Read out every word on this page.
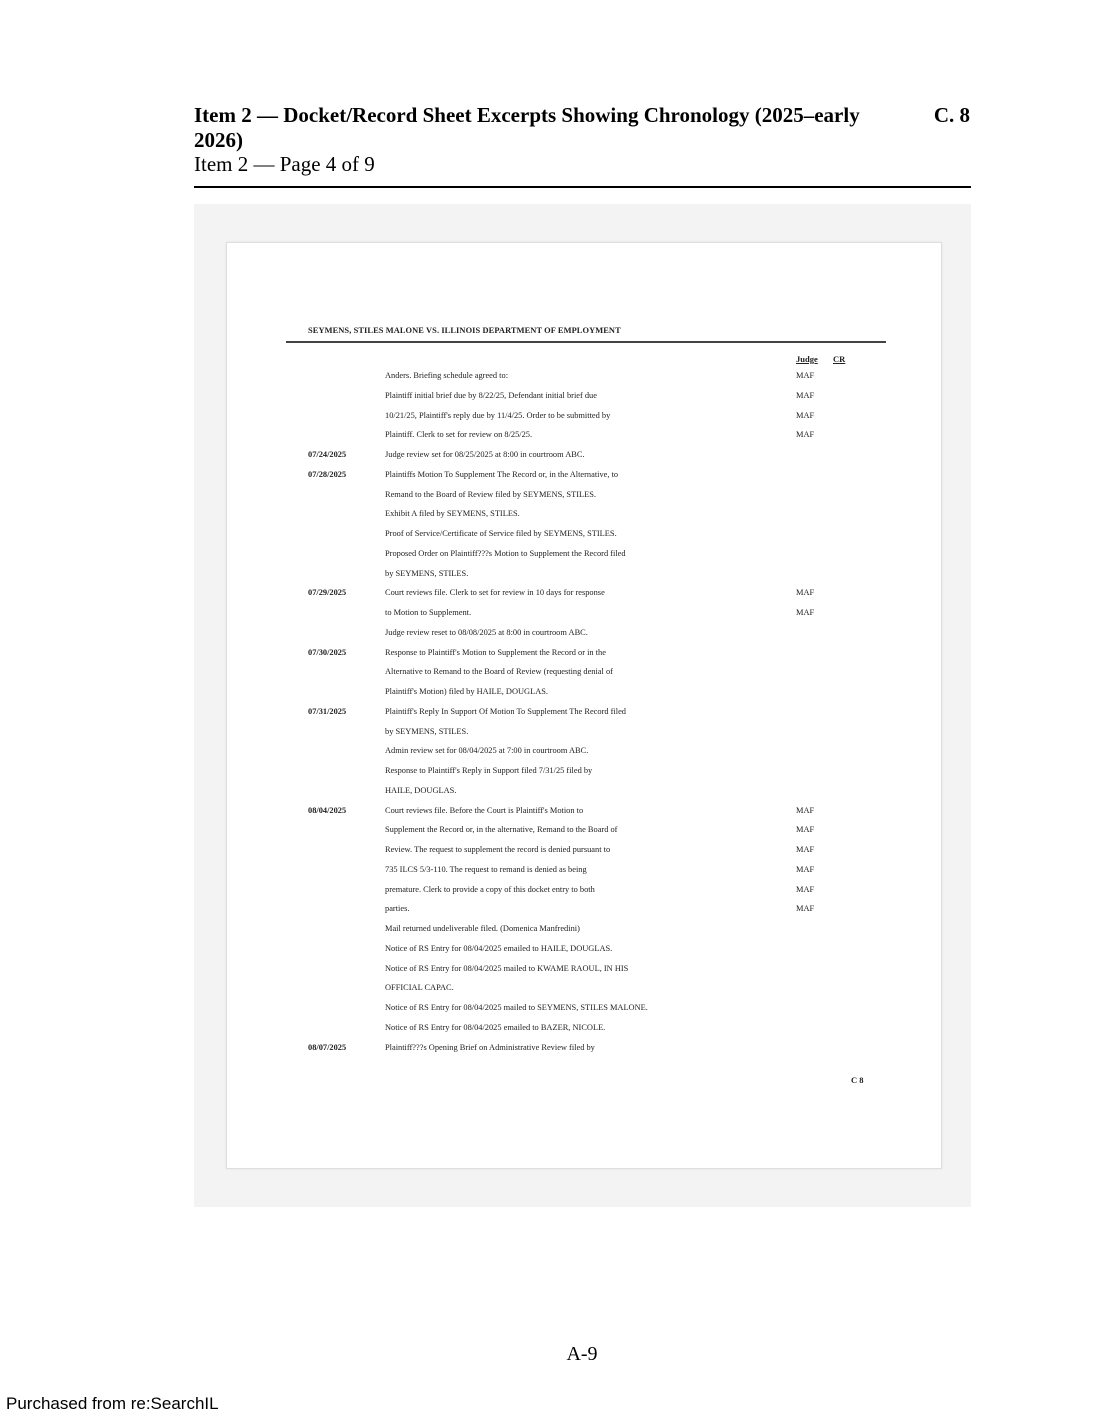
Item 2 — Docket/Record Sheet Excerpts Showing Chronology (2025–early 2026)
C. 8
Item 2 — Page 4 of 9
SEYMENS, STILES MALONE VS. ILLINOIS DEPARTMENT OF EMPLOYMENT
Judge CR
Anders. Briefing schedule agreed to:	MAF
Plaintiff initial brief due by 8/22/25, Defendant initial brief due	MAF
10/21/25, Plaintiff's reply due by 11/4/25. Order to be submitted by	MAF
Plaintiff. Clerk to set for review on 8/25/25.	MAF
07/24/2025	Judge review set for 08/25/2025 at 8:00 in courtroom ABC.
07/28/2025	Plaintiffs Motion To Supplement The Record or, in the Alternative, to
Remand to the Board of Review filed by SEYMENS, STILES.
Exhibit A filed by SEYMENS, STILES.
Proof of Service/Certificate of Service filed by SEYMENS, STILES.
Proposed Order on Plaintiff???s Motion to Supplement the Record filed
by SEYMENS, STILES.
07/29/2025	Court reviews file. Clerk to set for review in 10 days for response	MAF
to Motion to Supplement.	MAF
Judge review reset to 08/08/2025 at 8:00 in courtroom ABC.
07/30/2025	Response to Plaintiff's Motion to Supplement the Record or in the
Alternative to Remand to the Board of Review (requesting denial of
Plaintiff's Motion) filed by HAILE, DOUGLAS.
07/31/2025	Plaintiff's Reply In Support Of Motion To Supplement The Record filed
by SEYMENS, STILES.
Admin review set for 08/04/2025 at 7:00 in courtroom ABC.
Response to Plaintiff's Reply in Support filed 7/31/25 filed by
HAILE, DOUGLAS.
08/04/2025	Court reviews file. Before the Court is Plaintiff's Motion to	MAF
Supplement the Record or, in the alternative, Remand to the Board of	MAF
Review. The request to supplement the record is denied pursuant to	MAF
735 ILCS 5/3-110. The request to remand is denied as being	MAF
premature. Clerk to provide a copy of this docket entry to both	MAF
parties.	MAF
Mail returned undeliverable filed. (Domenica Manfredini)
Notice of RS Entry for 08/04/2025 emailed to HAILE, DOUGLAS.
Notice of RS Entry for 08/04/2025 mailed to KWAME RAOUL, IN HIS
OFFICIAL CAPAC.
Notice of RS Entry for 08/04/2025 mailed to SEYMENS, STILES MALONE.
Notice of RS Entry for 08/04/2025 emailed to BAZER, NICOLE.
08/07/2025	Plaintiff???s Opening Brief on Administrative Review filed by
C 8
A-9
Purchased from re:SearchIL
